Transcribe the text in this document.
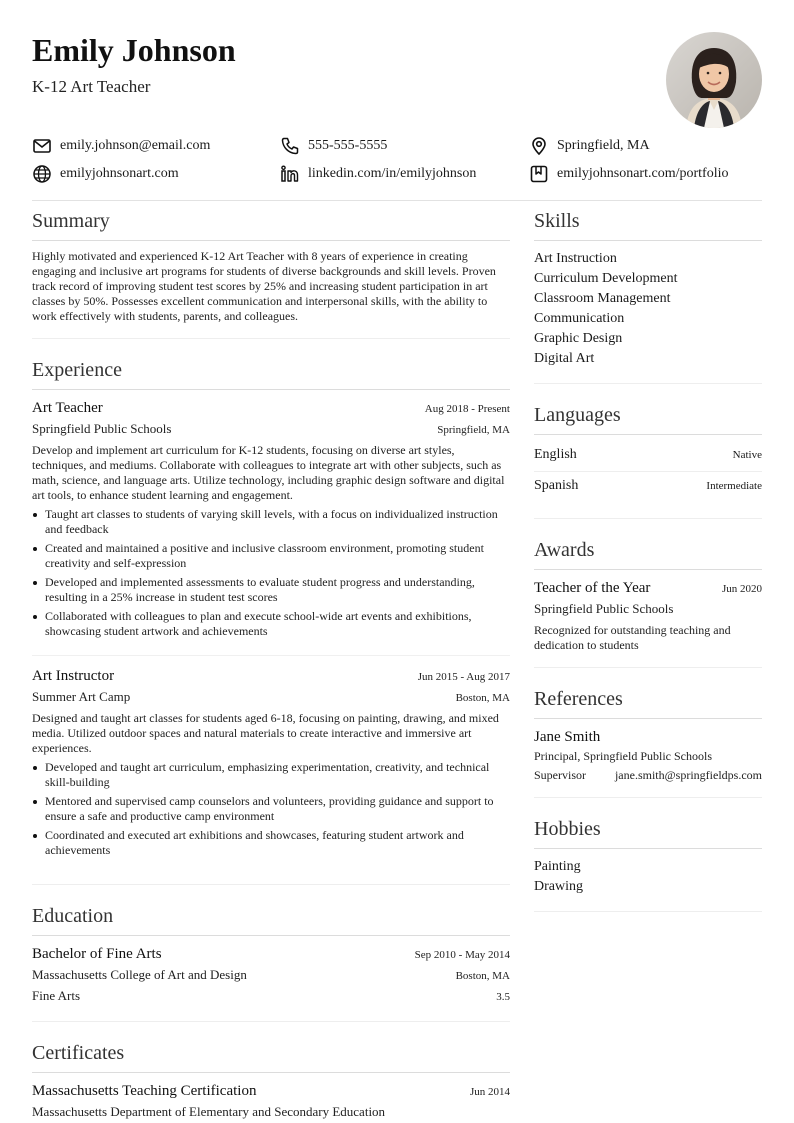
Emily Johnson
K-12 Art Teacher
emily.johnson@email.com	555-555-5555	Springfield, MA
emilyjohnsonart.com	linkedin.com/in/emilyjohnson	emilyjohnsonart.com/portfolio
Summary

Highly motivated and experienced K-12 Art Teacher with 8 years of experience in creating engaging and inclusive art programs for students of diverse backgrounds and skill levels. Proven track record of improving student test scores by 25% and increasing student participation in art classes by 50%. Possesses excellent communication and interpersonal skills, with the ability to work effectively with students, parents, and colleagues.

Experience
Art Teacher	Aug 2018 - Present
Springfield Public Schools	Springfield, MA

Develop and implement art curriculum for K-12 students, focusing on diverse art styles, techniques, and mediums. Collaborate with colleagues to integrate art with other subjects, such as math, science, and language arts. Utilize technology, including graphic design software and digital art tools, to enhance student learning and engagement.

Taught art classes to students of varying skill levels, with a focus on individualized instruction and feedback
Created and maintained a positive and inclusive classroom environment, promoting student creativity and self-expression
Developed and implemented assessments to evaluate student progress and understanding, resulting in a 25% increase in student test scores
Collaborated with colleagues to plan and execute school-wide art events and exhibitions, showcasing student artwork and achievements
Art Instructor	Jun 2015 - Aug 2017
Summer Art Camp	Boston, MA

Designed and taught art classes for students aged 6-18, focusing on painting, drawing, and mixed media. Utilized outdoor spaces and natural materials to create interactive and immersive art experiences.

Developed and taught art curriculum, emphasizing experimentation, creativity, and technical skill-building
Mentored and supervised camp counselors and volunteers, providing guidance and support to ensure a safe and productive camp environment
Coordinated and executed art exhibitions and showcases, featuring student artwork and achievements
Education
Bachelor of Fine Arts	Sep 2010 - May 2014
Massachusetts College of Art and Design	Boston, MA
Fine Arts	3.5
Certificates
Massachusetts Teaching Certification	Jun 2014
Massachusetts Department of Elementary and Secondary Education
Skills
Art Instruction
Curriculum Development
Classroom Management
Communication
Graphic Design
Digital Art
Languages
English	Native
Spanish	Intermediate
Awards
Teacher of the Year	Jun 2020
Springfield Public Schools

Recognized for outstanding teaching and dedication to students

References
Jane Smith
Principal, Springfield Public Schools
Supervisor jane.smith@springfieldps.com
Hobbies
Painting
Drawing
